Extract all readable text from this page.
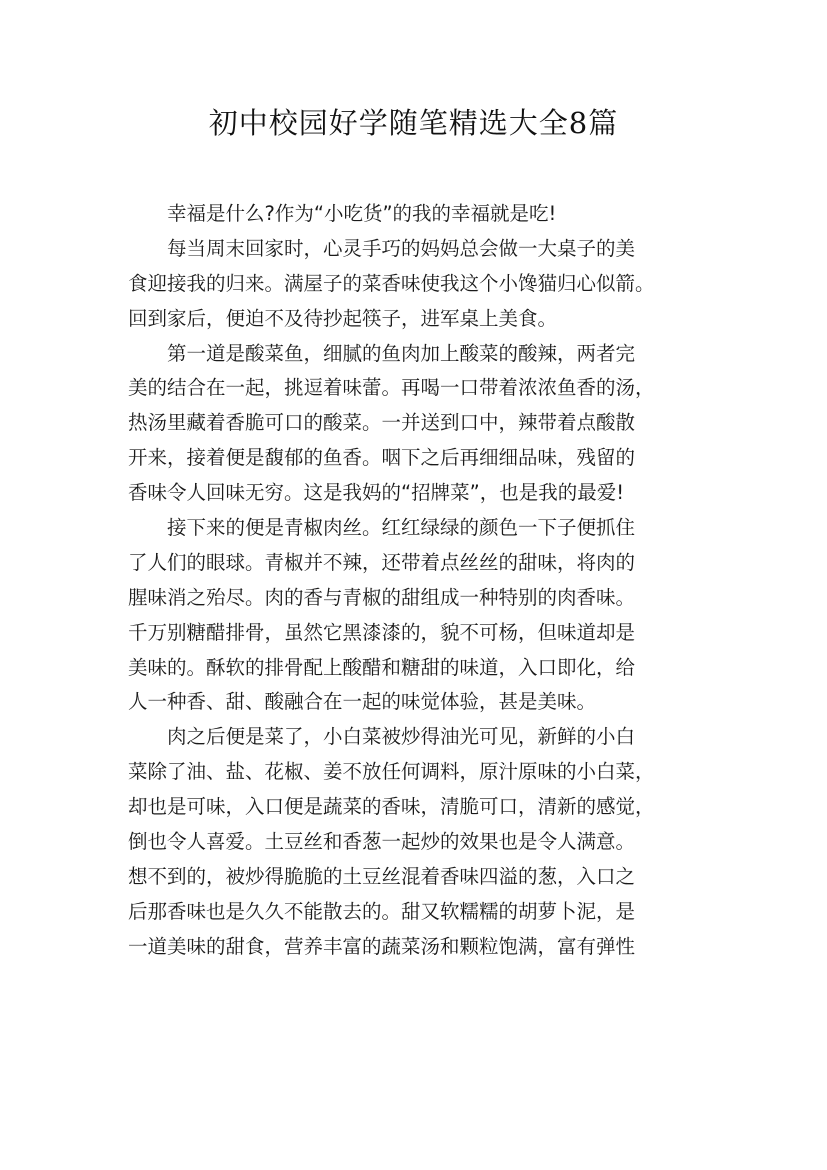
初中校园好学随笔精选大全8篇
幸福是什么?作为“小吃货”的我的幸福就是吃!
每当周末回家时，心灵手巧的妈妈总会做一大桌子的美
食迎接我的归来。满屋子的菜香味使我这个小馋猫归心似箭。
回到家后，便迫不及待抄起筷子，进军桌上美食。
第一道是酸菜鱼，细腻的鱼肉加上酸菜的酸辣，两者完
美的结合在一起，挑逗着味蕾。再喝一口带着浓浓鱼香的汤，
热汤里藏着香脆可口的酸菜。一并送到口中，辣带着点酸散
开来，接着便是馥郁的鱼香。咽下之后再细细品味，残留的
香味令人回味无穷。这是我妈的“招牌菜”，也是我的最爱!
接下来的便是青椒肉丝。红红绿绿的颜色一下子便抓住
了人们的眼球。青椒并不辣，还带着点丝丝的甜味，将肉的
腥味消之殆尽。肉的香与青椒的甜组成一种特别的肉香味。
千万别糖醋排骨，虽然它黑漆漆的，貌不可杨，但味道却是
美味的。酥软的排骨配上酸醋和糖甜的味道，入口即化，给
人一种香、甜、酸融合在一起的味觉体验，甚是美味。
肉之后便是菜了，小白菜被炒得油光可见，新鲜的小白
菜除了油、盐、花椒、姜不放任何调料，原汁原味的小白菜，
却也是可味，入口便是蔬菜的香味，清脆可口，清新的感觉，
倒也令人喜爱。土豆丝和香葱一起炒的效果也是令人满意。
想不到的，被炒得脆脆的土豆丝混着香味四溢的葱，入口之
后那香味也是久久不能散去的。甜又软糯糯的胡萝卜泥，是
一道美味的甜食，营养丰富的蔬菜汤和颗粒饱满，富有弹性
